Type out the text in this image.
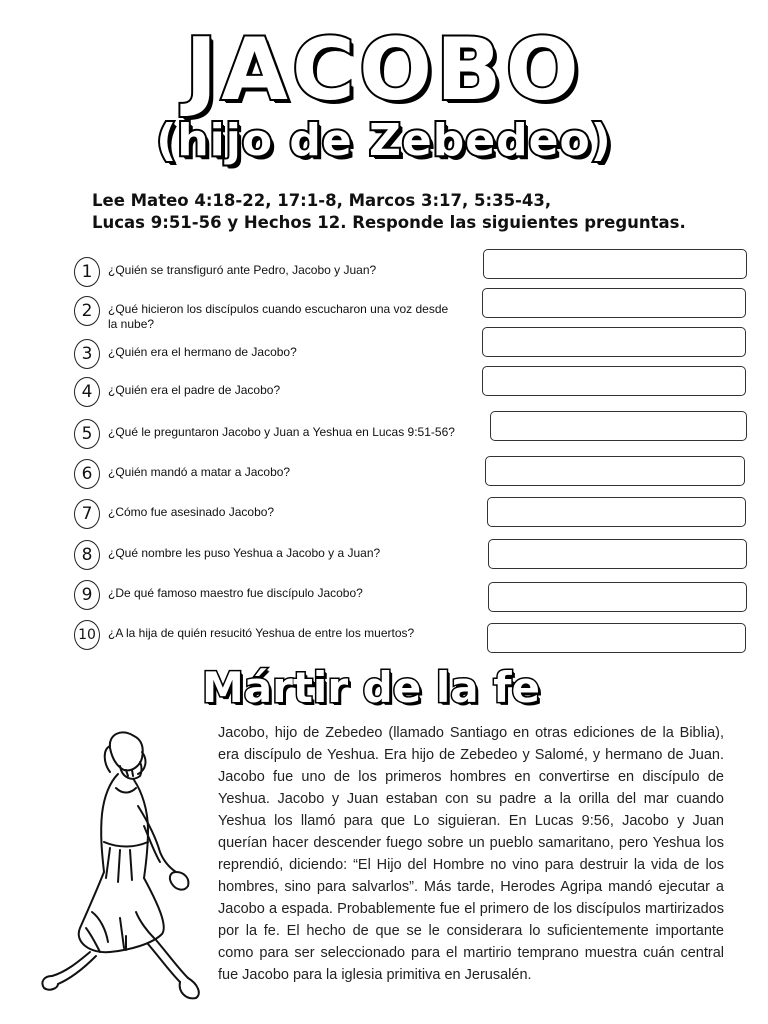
JACOBO
(hijo de Zebedeo)
Lee Mateo 4:18-22, 17:1-8, Marcos 3:17, 5:35-43,
Lucas 9:51-56 y Hechos 12. Responde las siguientes preguntas.
1	¿Quién se transfiguró ante Pedro, Jacobo y Juan?
2	¿Qué hicieron los discípulos cuando escucharon una voz desde la nube?
3	¿Quién era el hermano de Jacobo?
4	¿Quién era el padre de Jacobo?
5	¿Qué le preguntaron Jacobo y Juan a Yeshua en Lucas 9:51-56?
6	¿Quién mandó a matar a Jacobo?
7	¿Cómo fue asesinado Jacobo?
8	¿Qué nombre les puso Yeshua a Jacobo y a Juan?
9	¿De qué famoso maestro fue discípulo Jacobo?
10	¿A la hija de quién resucitó Yeshua de entre los muertos?
Mártir de la fe

Jacobo, hijo de Zebedeo (llamado Santiago en otras ediciones de la Biblia), era discípulo de Yeshua. Era hijo de Zebedeo y Salomé, y hermano de Juan. Jacobo fue uno de los primeros hombres en convertirse en discípulo de Yeshua. Jacobo y Juan estaban con su padre a la orilla del mar cuando Yeshua los llamó para que Lo siguieran. En Lucas 9:56, Jacobo y Juan querían hacer descender fuego sobre un pueblo samaritano, pero Yeshua los reprendió, diciendo: “El Hijo del Hombre no vino para destruir la vida de los hombres, sino para salvarlos”. Más tarde, Herodes Agripa mandó ejecutar a Jacobo a espada. Probablemente fue el primero de los discípulos martirizados por la fe. El hecho de que se le considerara lo suficientemente importante como para ser seleccionado para el martirio temprano muestra cuán central fue Jacobo para la iglesia primitiva en Jerusalén.
